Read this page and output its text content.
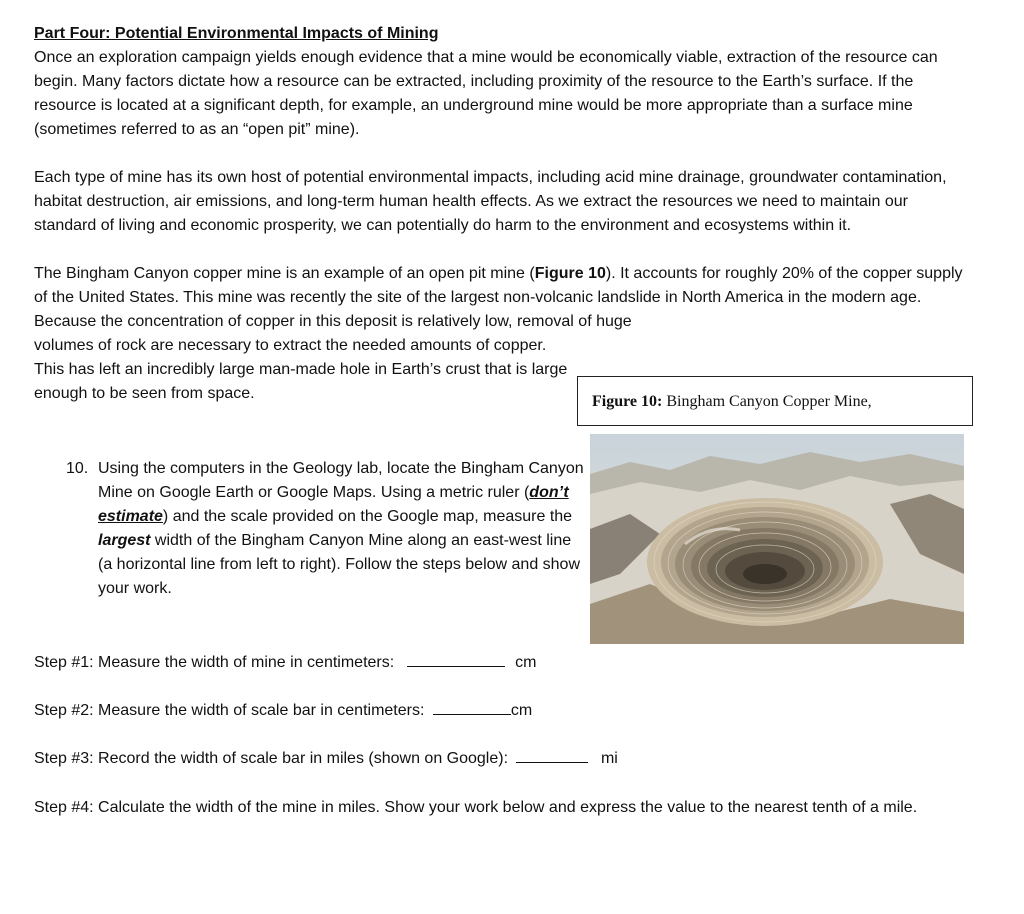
Part Four: Potential Environmental Impacts of Mining

Once an exploration campaign yields enough evidence that a mine would be economically viable, extraction of the resource can begin. Many factors dictate how a resource can be extracted, including proximity of the resource to the Earth’s surface. If the resource is located at a significant depth, for example, an underground mine would be more appropriate than a surface mine (sometimes referred to as an “open pit” mine).

Each type of mine has its own host of potential environmental impacts, including acid mine drainage, groundwater contamination, habitat destruction, air emissions, and long-term human health effects. As we extract the resources we need to maintain our standard of living and economic prosperity, we can potentially do harm to the environment and ecosystems within it.

The Bingham Canyon copper mine is an example of an open pit mine (Figure 10). It accounts for roughly 20% of the copper supply of the United States. This mine was recently the site of the largest non-volcanic landslide in North America in the modern age. Because the concentration of copper in this deposit is relatively low, removal of huge

volumes of rock are necessary to extract the needed amounts of copper. This has left an incredibly large man-made hole in Earth’s crust that is large enough to be seen from space.	Figure 10: Bingham Canyon Copper Mine,
10. Using the computers in the Geology lab, locate the Bingham Canyon Mine on Google Earth or Google Maps. Using a metric ruler (don’t estimate) and the scale provided on the Google map, measure the largest width of the Bingham Canyon Mine along an east-west line (a horizontal line from left to right). Follow the steps below and show your work.
Step #1: Measure the width of mine in centimeters:	cm
Step #2: Measure the width of scale bar in centimeters:	cm
Step #3: Record the width of scale bar in miles (shown on Google):	mi
Step #4: Calculate the width of the mine in miles. Show your work below and express the value to the nearest tenth of a mile.
